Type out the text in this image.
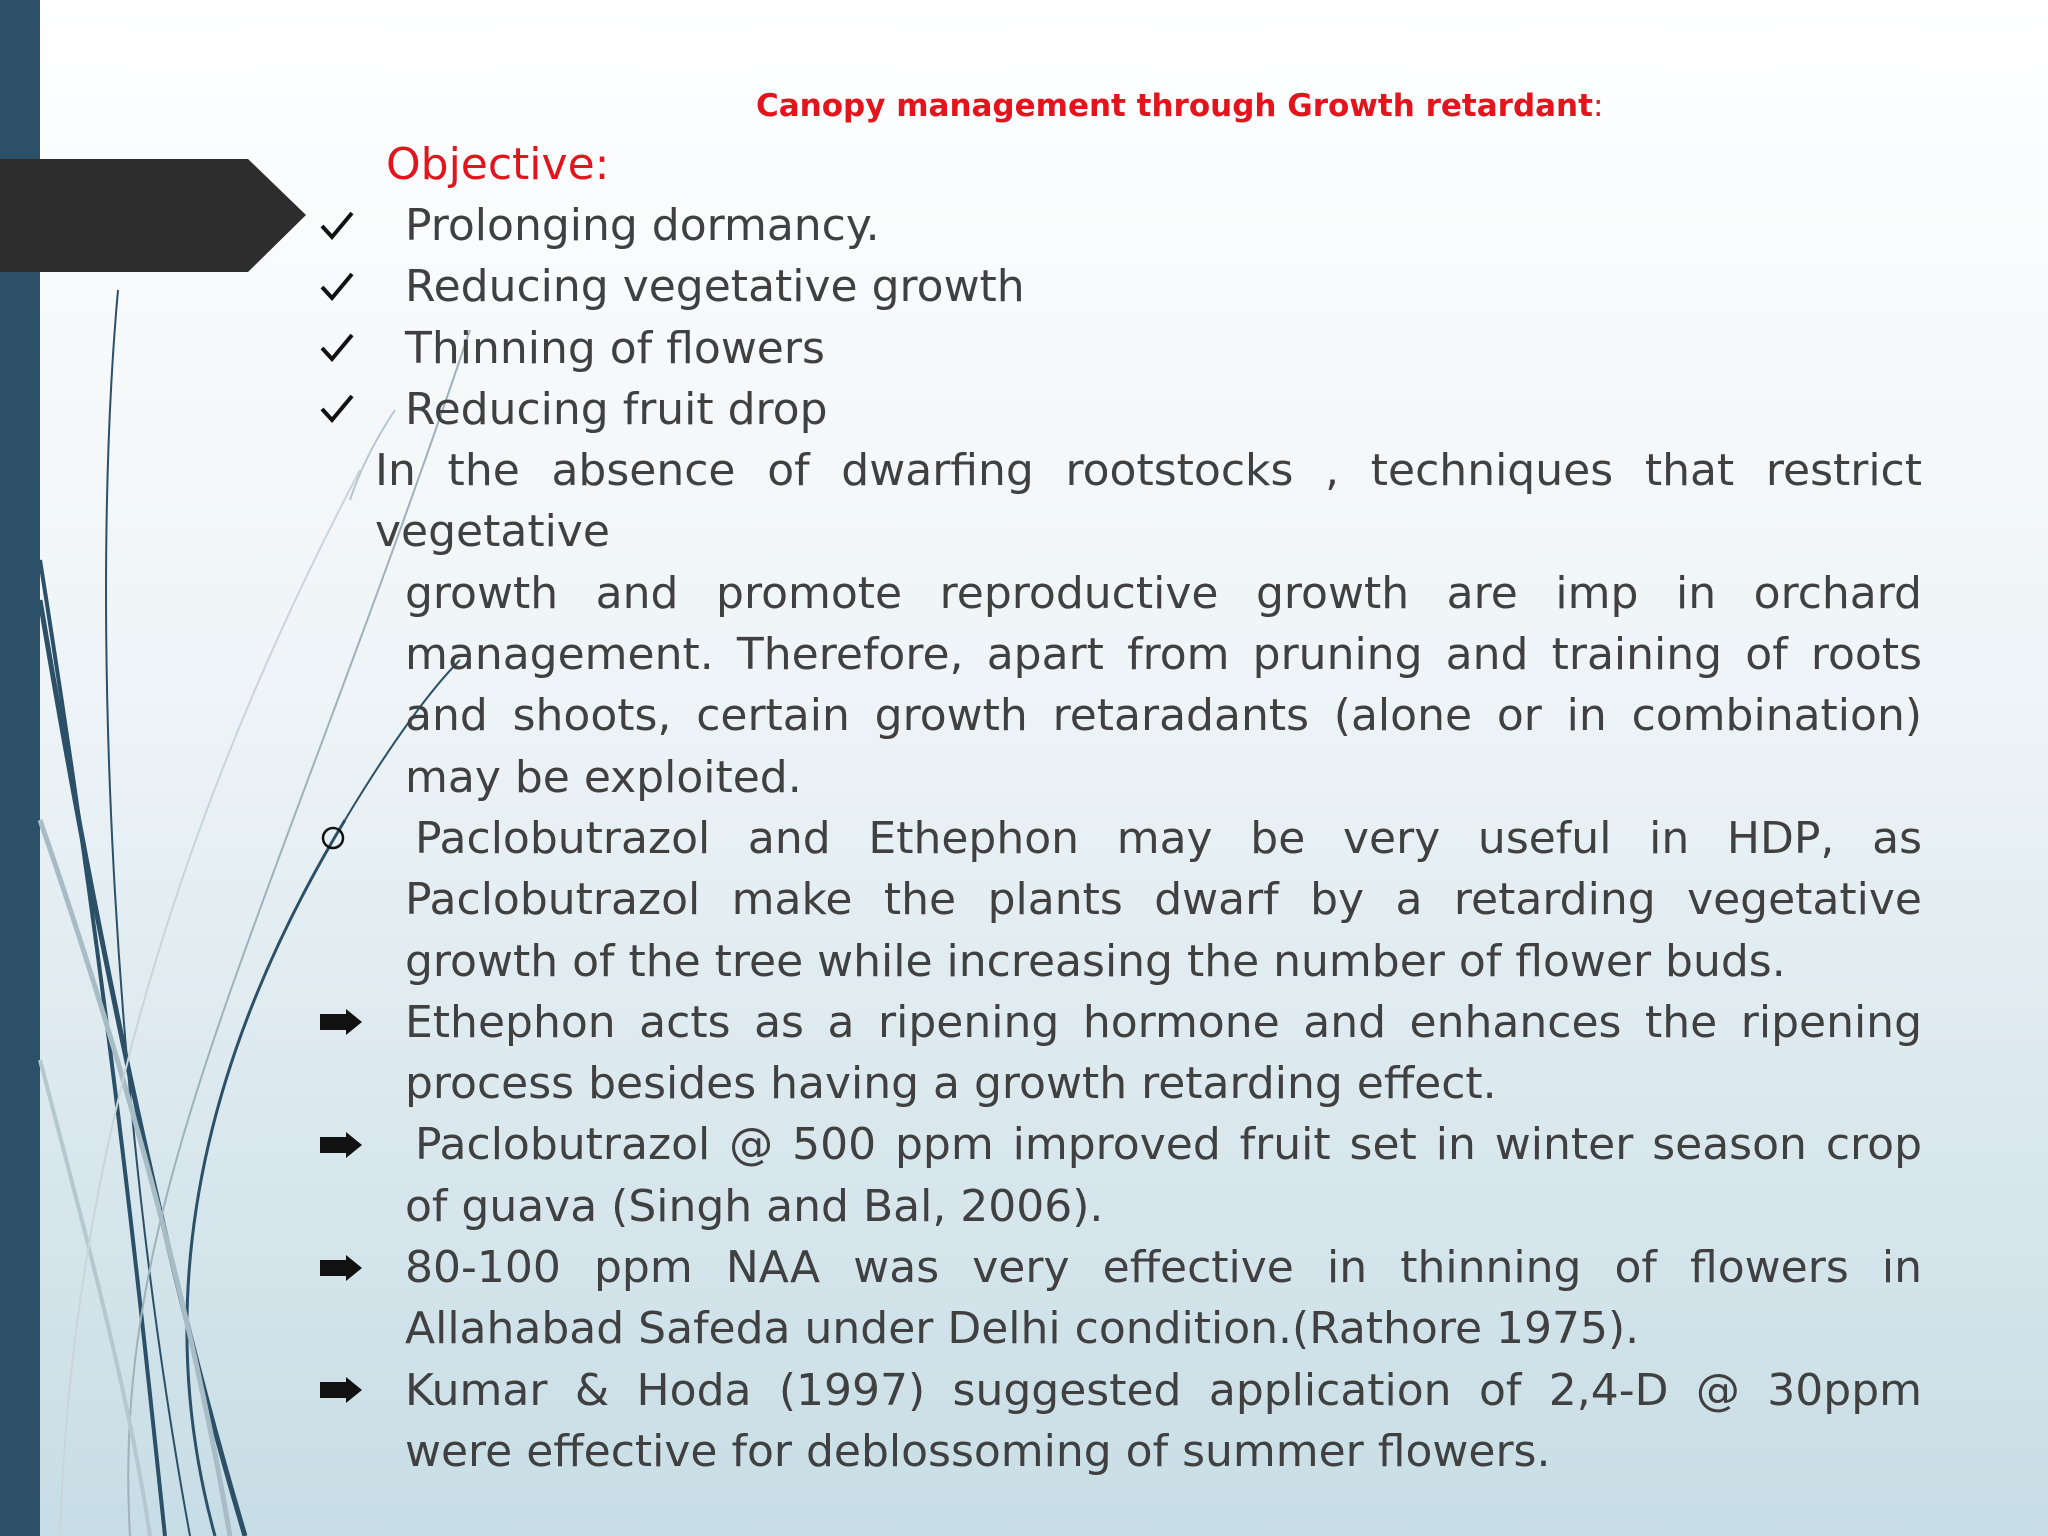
Canopy management through Growth retardant:
Objective:
Prolonging dormancy.
Reducing vegetative growth
Thinning of flowers
Reducing fruit drop
In the absence of dwarfing rootstocks , techniques that restrict vegetative
growth and promote reproductive growth are imp in orchard management. Therefore, apart from pruning and training of roots and shoots, certain growth retaradants (alone or in combination) may be exploited.
Paclobutrazol and Ethephon may be very useful in HDP, as Paclobutrazol make the plants dwarf by a retarding vegetative growth of the tree while increasing the number of flower buds.
Ethephon acts as a ripening hormone and enhances the ripening process besides having a growth retarding effect.
Paclobutrazol @ 500 ppm improved fruit set in winter season crop of guava (Singh and Bal, 2006).
80-100 ppm NAA was very effective in thinning of flowers in Allahabad Safeda under Delhi condition.(Rathore 1975).
Kumar & Hoda (1997) suggested application of 2,4-D @ 30ppm were effective for deblossoming of summer flowers.
